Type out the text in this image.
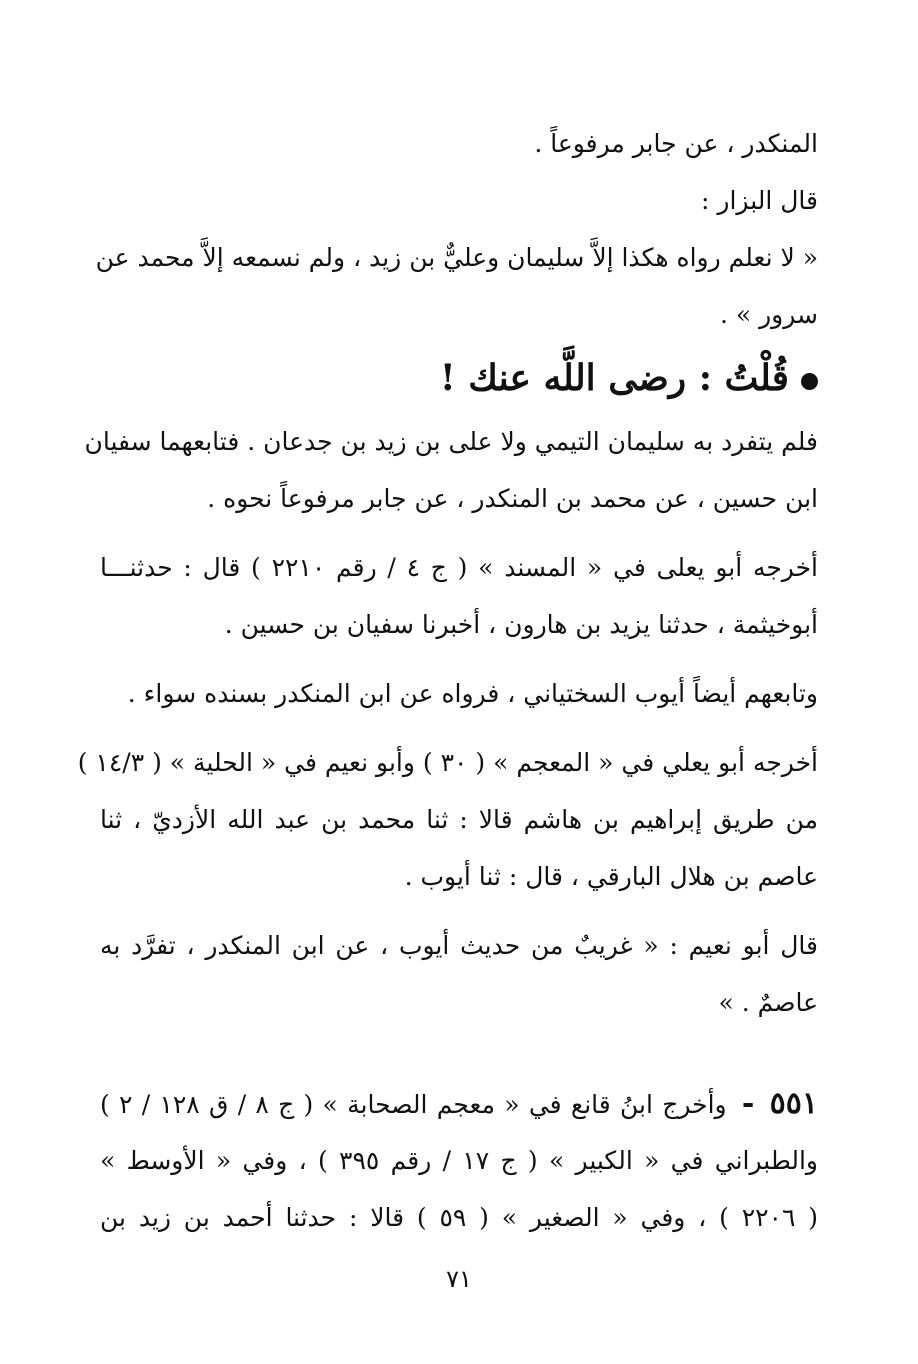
المنكدر ، عن جابر مرفوعاً .
قال البزار :
« لا نعلم رواه هكذا إلاَّ سليمان وعليٌّ بن زيد ، ولم نسمعه إلاَّ محمد عن
سرور » .
قُلْتُ : رضى اللَّه عنك !
فلم يتفرد به سليمان التيمي ولا على بن زيد بن جدعان . فتابعهما سفيان
ابن حسين ، عن محمد بن المنكدر ، عن جابر مرفوعاً نحوه .
أخرجه أبو يعلى في « المسند » ( ج ٤ / رقم ٢٢١٠ ) قال : حدثنـــا
أبوخيثمة ، حدثنا يزيد بن هارون ، أخبرنا سفيان بن حسين .
وتابعهم أيضاً أيوب السختياني ، فرواه عن ابن المنكدر بسنده سواء .
أخرجه أبو يعلي في « المعجم » ( ٣٠ ) وأبو نعيم في « الحلية » ( ١٤/٣ )
من طريق إبراهيم بن هاشم قالا : ثنا محمد بن عبد الله الأزديّ ، ثنا
عاصم بن هلال البارقي ، قال : ثنا أيوب .
قال أبو نعيم : « غريبٌ من حديث أيوب ، عن ابن المنكدر ، تفرَّد به
عاصمٌ . »
٥٥١ - وأخرج ابنُ قانع في « معجم الصحابة » ( ج ٨ / ق ١٢٨ / ٢ )
والطبراني في « الكبير » ( ج ١٧ / رقم ٣٩٥ ) ، وفي « الأوسط »
( ٢٢٠٦ ) ، وفي « الصغير » ( ٥٩ ) قالا : حدثنا أحمد بن زيد بن
٧١
